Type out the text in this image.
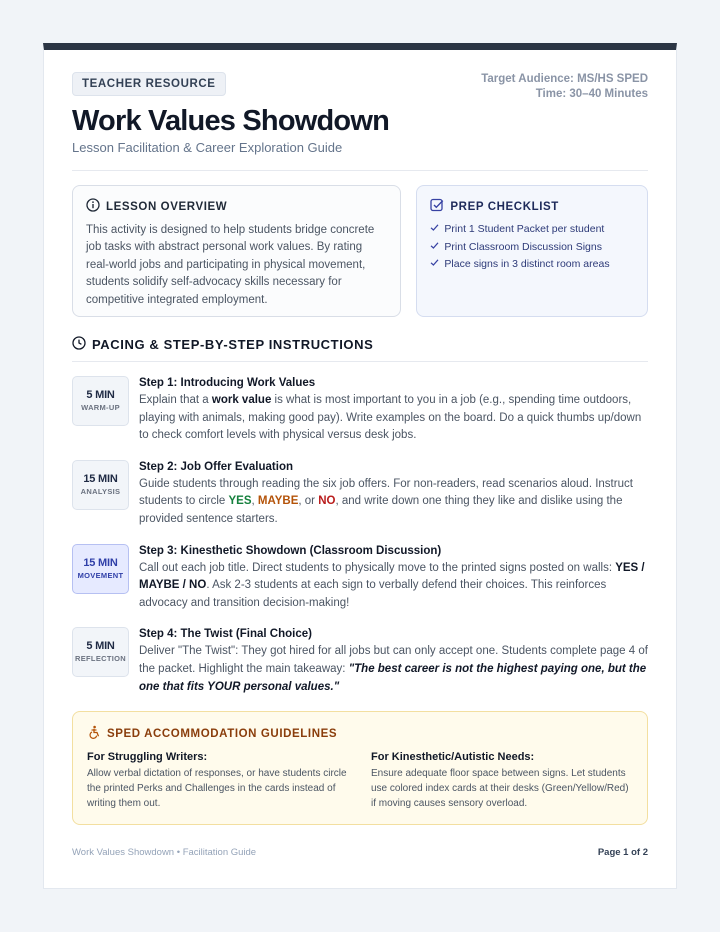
TEACHER RESOURCE
Work Values Showdown
Lesson Facilitation & Career Exploration Guide
Target Audience: MS/HS SPED
Time: 30–40 Minutes
LESSON OVERVIEW
This activity is designed to help students bridge concrete job tasks with abstract personal work values. By rating real-world jobs and participating in physical movement, students solidify self-advocacy skills necessary for competitive integrated employment.
PREP CHECKLIST
Print 1 Student Packet per student
Print Classroom Discussion Signs
Place signs in 3 distinct room areas
PACING & STEP-BY-STEP INSTRUCTIONS
5 MIN
WARM-UP
Step 1: Introducing Work Values
Explain that a work value is what is most important to you in a job (e.g., spending time outdoors, playing with animals, making good pay). Write examples on the board. Do a quick thumbs up/down to check comfort levels with physical versus desk jobs.
15 MIN
ANALYSIS
Step 2: Job Offer Evaluation
Guide students through reading the six job offers. For non-readers, read scenarios aloud. Instruct students to circle YES, MAYBE, or NO, and write down one thing they like and dislike using the provided sentence starters.
15 MIN
MOVEMENT
Step 3: Kinesthetic Showdown (Classroom Discussion)
Call out each job title. Direct students to physically move to the printed signs posted on walls: YES / MAYBE / NO. Ask 2-3 students at each sign to verbally defend their choices. This reinforces advocacy and transition decision-making!
5 MIN
REFLECTION
Step 4: The Twist (Final Choice)
Deliver "The Twist": They got hired for all jobs but can only accept one. Students complete page 4 of the packet. Highlight the main takeaway: "The best career is not the highest paying one, but the one that fits YOUR personal values."
SPED ACCOMMODATION GUIDELINES
For Struggling Writers:
Allow verbal dictation of responses, or have students circle the printed Perks and Challenges in the cards instead of writing them out.
For Kinesthetic/Autistic Needs:
Ensure adequate floor space between signs. Let students use colored index cards at their desks (Green/Yellow/Red) if moving causes sensory overload.
Work Values Showdown • Facilitation Guide	Page 1 of 2
